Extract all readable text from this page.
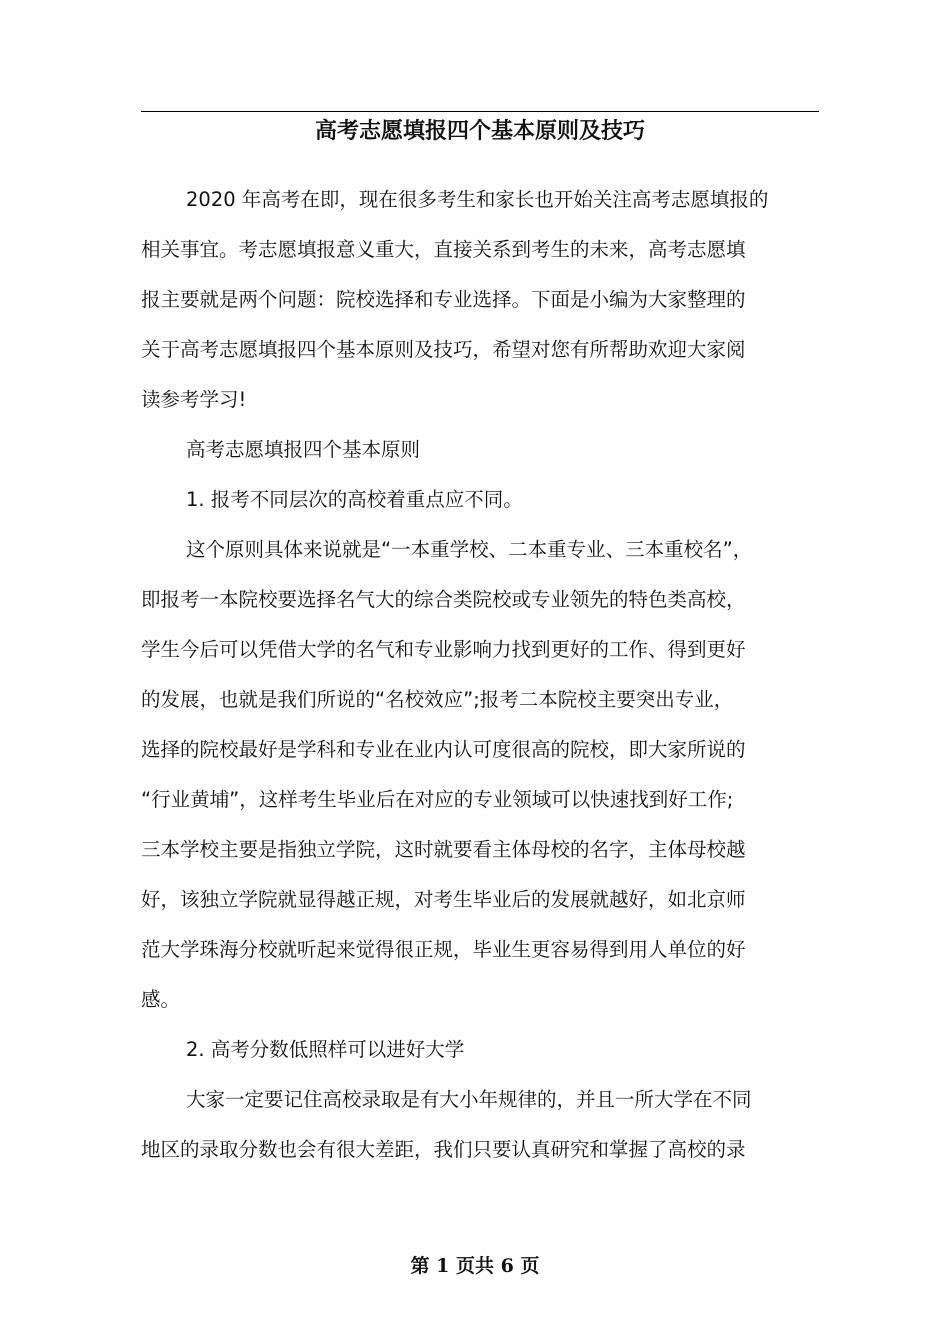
高考志愿填报四个基本原则及技巧
2020 年高考在即，现在很多考生和家长也开始关注高考志愿填报的
相关事宜。考志愿填报意义重大，直接关系到考生的未来，高考志愿填
报主要就是两个问题：院校选择和专业选择。下面是小编为大家整理的
关于高考志愿填报四个基本原则及技巧，希望对您有所帮助欢迎大家阅
读参考学习!
高考志愿填报四个基本原则
1. 报考不同层次的高校着重点应不同。
这个原则具体来说就是“一本重学校、二本重专业、三本重校名”，
即报考一本院校要选择名气大的综合类院校或专业领先的特色类高校，
学生今后可以凭借大学的名气和专业影响力找到更好的工作、得到更好
的发展，也就是我们所说的“名校效应”;报考二本院校主要突出专业，
选择的院校最好是学科和专业在业内认可度很高的院校，即大家所说的
“行业黄埔”，这样考生毕业后在对应的专业领域可以快速找到好工作;
三本学校主要是指独立学院，这时就要看主体母校的名字，主体母校越
好，该独立学院就显得越正规，对考生毕业后的发展就越好，如北京师
范大学珠海分校就听起来觉得很正规，毕业生更容易得到用人单位的好
感。
2. 高考分数低照样可以进好大学
大家一定要记住高校录取是有大小年规律的，并且一所大学在不同
地区的录取分数也会有很大差距，我们只要认真研究和掌握了高校的录
第 1 页共 6 页
